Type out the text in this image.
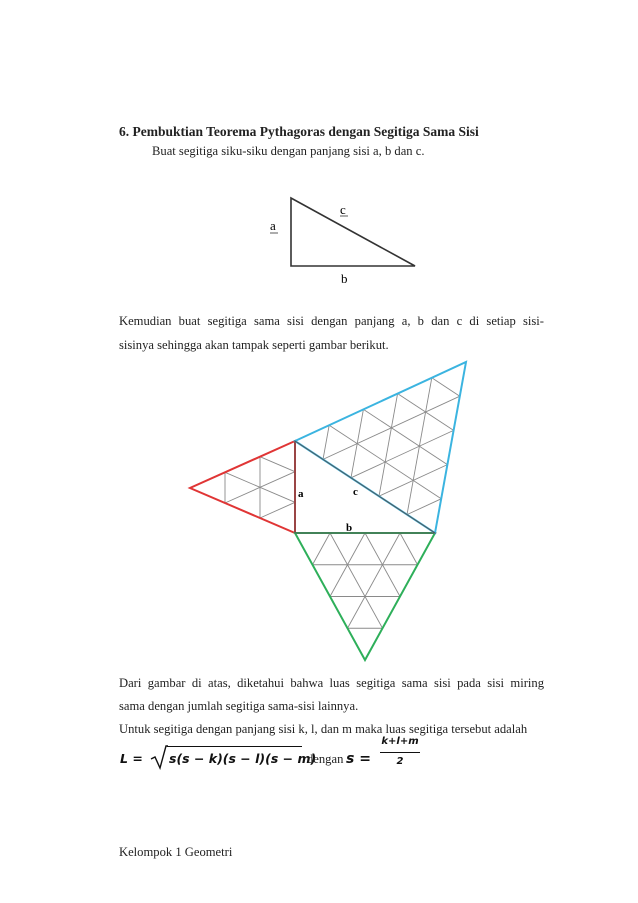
6. Pembuktian Teorema Pythagoras dengan Segitiga Sama Sisi
Buat segitiga siku-siku dengan panjang sisi a, b dan c.
a
c
b
Kemudian buat segitiga sama sisi dengan panjang a, b dan c di setiap sisi-
sisinya sehingga akan tampak seperti gambar berikut.
a
b
c
Dari gambar di atas, diketahui bahwa luas segitiga sama sisi pada sisi miring
sama dengan jumlah segitiga sama-sisi lainnya.
Untuk segitiga dengan panjang sisi k, l, dan m maka luas segitiga tersebut adalah
L = s(s − k)(s − l)(s − m)
dengan s =
k+l+m
2
Kelompok 1 Geometri
